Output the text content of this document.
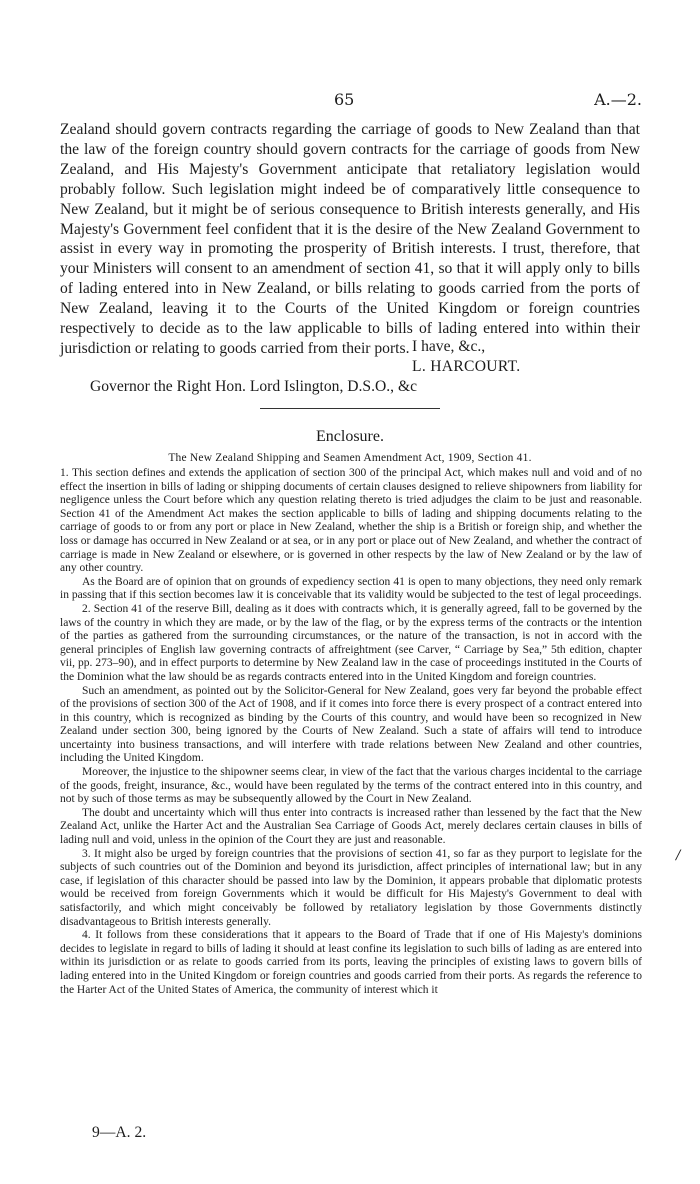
65	A.—2.

Zealand should govern contracts regarding the carriage of goods to New Zealand than that the law of the foreign country should govern contracts for the carriage of goods from New Zealand, and His Majesty's Government anticipate that retaliatory legislation would probably follow. Such legislation might indeed be of comparatively little consequence to New Zealand, but it might be of serious consequence to British interests generally, and His Majesty's Government feel confident that it is the desire of the New Zealand Government to assist in every way in promoting the prosperity of British interests. I trust, therefore, that your Ministers will consent to an amendment of section 41, so that it will apply only to bills of lading entered into in New Zealand, or bills relating to goods carried from the ports of New Zealand, leaving it to the Courts of the United Kingdom or foreign countries respectively to decide as to the law applicable to bills of lading entered into within their jurisdiction or relating to goods carried from their ports. I have, &c.,
L. HARCOURT.
Governor the Right Hon. Lord Islington, D.S.O., &c
Enclosure.
The New Zealand Shipping and Seamen Amendment Act, 1909, Section 41.

1. This section defines and extends the application of section 300 of the principal Act, which makes null and void and of no effect the insertion in bills of lading or shipping documents of certain clauses designed to relieve shipowners from liability for negligence unless the Court before which any question relating thereto is tried adjudges the claim to be just and reasonable. Section 41 of the Amendment Act makes the section applicable to bills of lading and shipping documents relating to the carriage of goods to or from any port or place in New Zealand, whether the ship is a British or foreign ship, and whether the loss or damage has occurred in New Zealand or at sea, or in any port or place out of New Zealand, and whether the contract of carriage is made in New Zealand or elsewhere, or is governed in other respects by the law of New Zealand or by the law of any other country.

As the Board are of opinion that on grounds of expediency section 41 is open to many objections, they need only remark in passing that if this section becomes law it is conceivable that its validity would be subjected to the test of legal proceedings.

2. Section 41 of the reserve Bill, dealing as it does with contracts which, it is generally agreed, fall to be governed by the laws of the country in which they are made, or by the law of the flag, or by the express terms of the contracts or the intention of the parties as gathered from the surrounding circumstances, or the nature of the transaction, is not in accord with the general principles of English law governing contracts of affreightment (see Carver, “ Carriage by Sea,” 5th edition, chapter vii, pp. 273–90), and in effect purports to determine by New Zealand law in the case of proceedings instituted in the Courts of the Dominion what the law should be as regards contracts entered into in the United Kingdom and foreign countries.

Such an amendment, as pointed out by the Solicitor-General for New Zealand, goes very far beyond the probable effect of the provisions of section 300 of the Act of 1908, and if it comes into force there is every prospect of a contract entered into in this country, which is recognized as binding by the Courts of this country, and would have been so recognized in New Zealand under section 300, being ignored by the Courts of New Zealand. Such a state of affairs will tend to introduce uncertainty into business transactions, and will interfere with trade relations between New Zealand and other countries, including the United Kingdom.

Moreover, the injustice to the shipowner seems clear, in view of the fact that the various charges incidental to the carriage of the goods, freight, insurance, &c., would have been regulated by the terms of the contract entered into in this country, and not by such of those terms as may be subsequently allowed by the Court in New Zealand.

The doubt and uncertainty which will thus enter into contracts is increased rather than lessened by the fact that the New Zealand Act, unlike the Harter Act and the Australian Sea Carriage of Goods Act, merely declares certain clauses in bills of lading null and void, unless in the opinion of the Court they are just and reasonable.

3. It might also be urged by foreign countries that the provisions of section 41, so far as they purport to legislate for the subjects of such countries out of the Dominion and beyond its jurisdiction, affect principles of international law; but in any case, if legislation of this character should be passed into law by the Dominion, it appears probable that diplomatic protests would be received from foreign Governments which it would be difficult for His Majesty's Government to deal with satisfactorily, and which might conceivably be followed by retaliatory legislation by those Governments distinctly disadvantageous to British interests generally.

4. It follows from these considerations that it appears to the Board of Trade that if one of His Majesty's dominions decides to legislate in regard to bills of lading it should at least confine its legislation to such bills of lading as are entered into within its jurisdiction or as relate to goods carried from its ports, leaving the principles of existing laws to govern bills of lading entered into in the United Kingdom or foreign countries and goods carried from their ports. As regards the reference to the Harter Act of the United States of America, the community of interest which it

/
9—A. 2.
